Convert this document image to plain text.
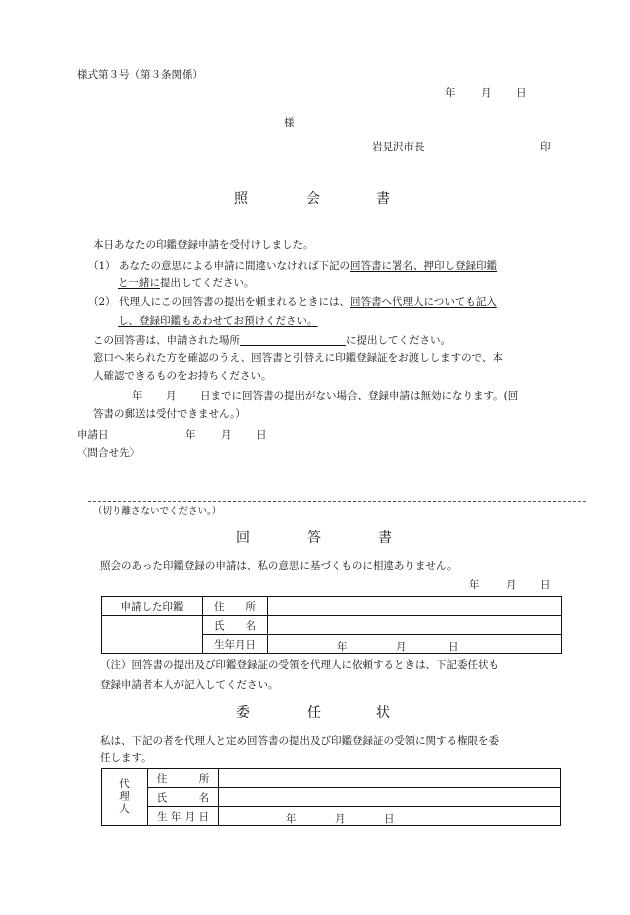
様式第３号（第３条関係）
年 月 日
様
岩見沢市長	印
照	会	書
本日あなたの印鑑登録申請を受付けしました。
（1） あなたの意思による申請に間違いなければ下記の回答書に署名、押印し登録印鑑
と一緒に提出してください。
（2） 代理人にこの回答書の提出を頼まれるときには、回答書へ代理人についても記入
し、登録印鑑もあわせてお預けください。
この回答書は、申請された場所	に提出してください。
窓口へ来られた方を確認のうえ、回答書と引替えに印鑑登録証をお渡ししますので、本
人確認できるものをお持ちください。
年 月 日までに回答書の提出がない場合、登録申請は無効になります。(回
答書の郵送は受付できません。）
申請日	年 月 日
〈問合せ先〉
（切り離さないでください。）
回	答	書
照会のあった印鑑登録の申請は、私の意思に基づくものに相違ありません。
年	月 日
申請した印鑑	住　　所	
	氏　　名	
	生年月日	年 月 日
（注）回答書の提出及び印鑑登録証の受領を代理人に依頼するときは、下記委任状も
登録申請者本人が記入してください。
委	任	状
私は、下記の者を代理人と定め回答書の提出及び印鑑登録証の受領に関する権限を委
任します。
代理人	住　　　所	
	氏　　　名	
	生 年 月 日	年 月 日
